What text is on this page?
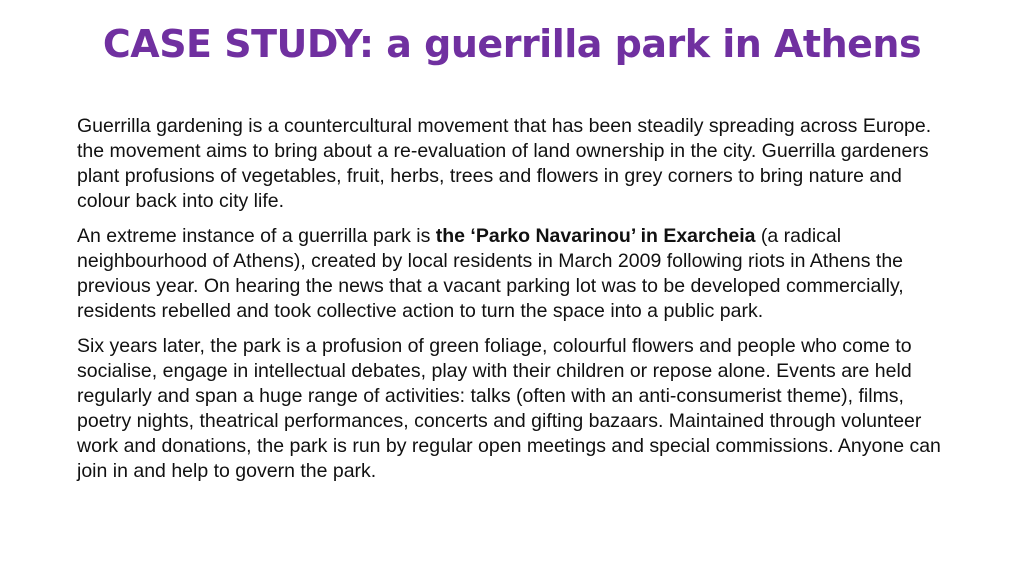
CASE STUDY: a guerrilla park in Athens

Guerrilla gardening is a countercultural movement that has been steadily spreading across Europe. the movement aims to bring about a re-evaluation of land ownership in the city. Guerrilla gardeners plant profusions of vegetables, fruit, herbs, trees and flowers in grey corners to bring nature and colour back into city life.

An extreme instance of a guerrilla park is the ‘Parko Navarinou’ in Exarcheia (a radical neighbourhood of Athens), created by local residents in March 2009 following riots in Athens the previous year. On hearing the news that a vacant parking lot was to be developed commercially, residents rebelled and took collective action to turn the space into a public park.

Six years later, the park is a profusion of green foliage, colourful flowers and people who come to socialise, engage in intellectual debates, play with their children or repose alone. Events are held regularly and span a huge range of activities: talks (often with an anti-consumerist theme), films, poetry nights, theatrical performances, concerts and gifting bazaars. Maintained through volunteer work and donations, the park is run by regular open meetings and special commissions. Anyone can join in and help to govern the park.
